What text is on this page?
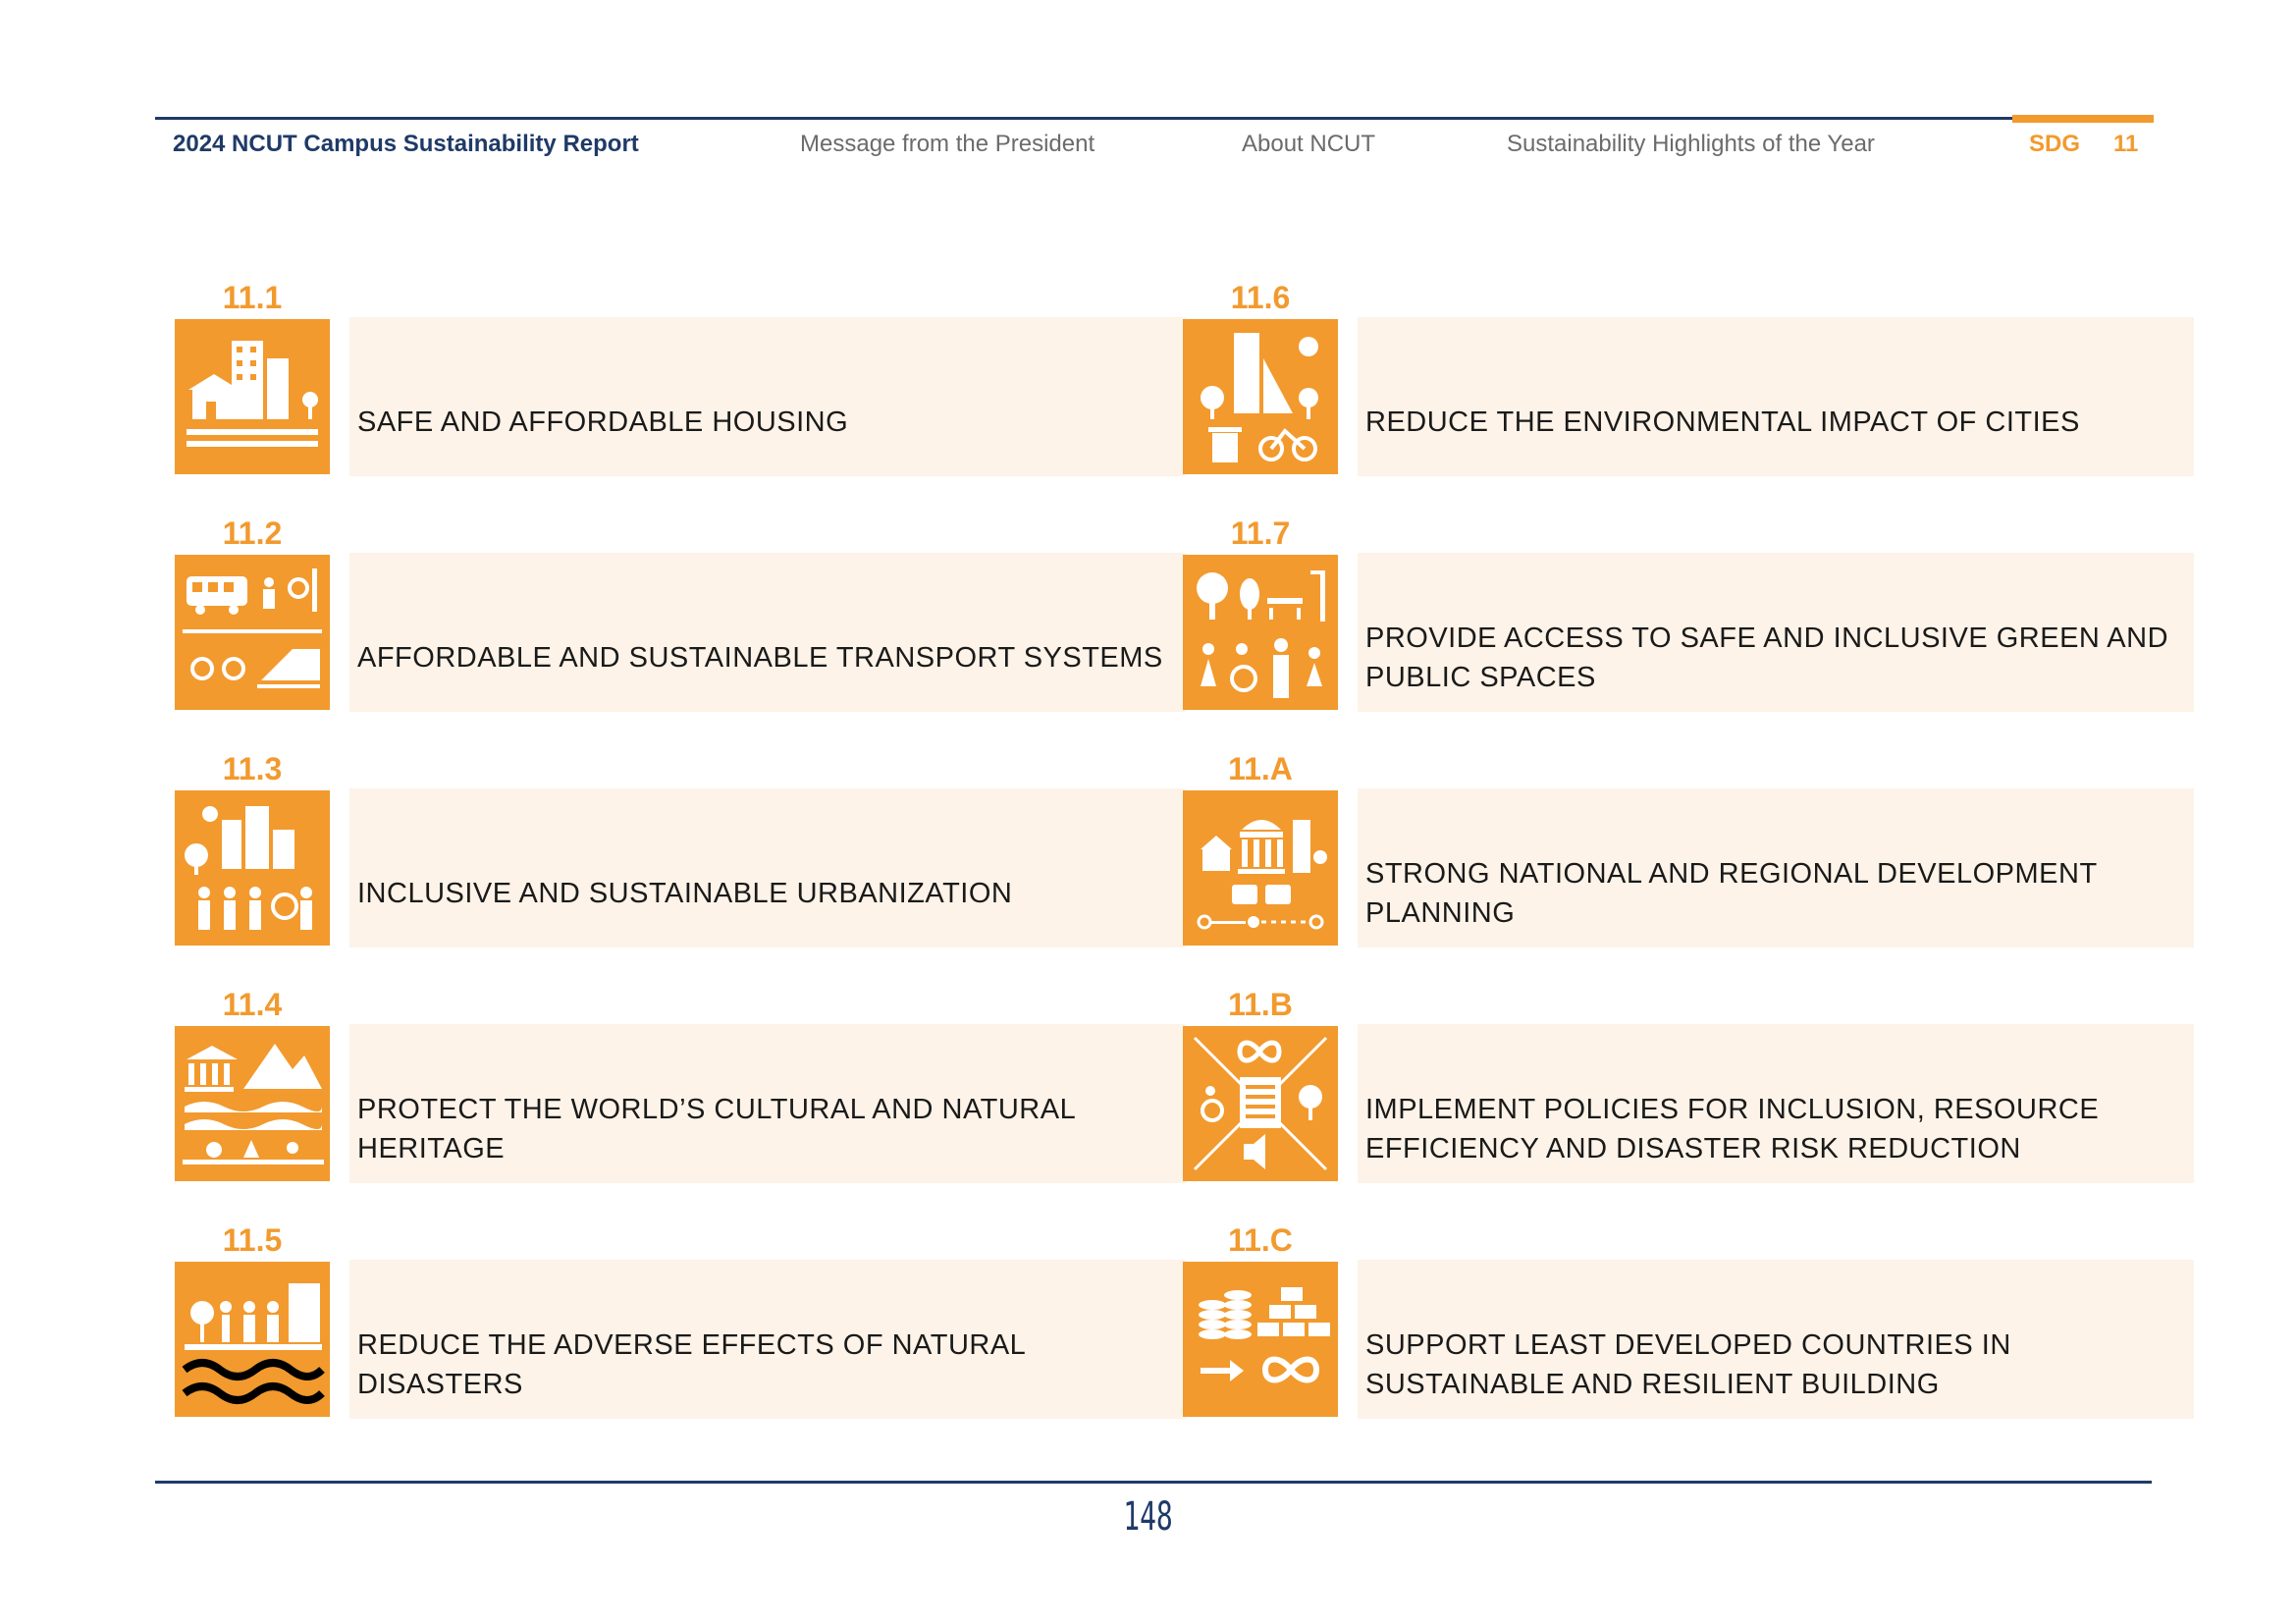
2024 NCUT Campus Sustainability Report	Message from the President	About NCUT	Sustainability Highlights of the Year	SDG 11
11.1
SAFE AND AFFORDABLE HOUSING
11.2
AFFORDABLE AND SUSTAINABLE TRANSPORT SYSTEMS
11.3
INCLUSIVE AND SUSTAINABLE URBANIZATION
11.4
PROTECT THE WORLD’S CULTURAL AND NATURAL HERITAGE
11.5
REDUCE THE ADVERSE EFFECTS OF NATURAL DISASTERS
11.6
REDUCE THE ENVIRONMENTAL IMPACT OF CITIES
11.7
PROVIDE ACCESS TO SAFE AND INCLUSIVE GREEN AND PUBLIC SPACES
11.A
STRONG NATIONAL AND REGIONAL DEVELOPMENT PLANNING
11.B
IMPLEMENT POLICIES FOR INCLUSION, RESOURCE EFFICIENCY AND DISASTER RISK REDUCTION
11.C
SUPPORT LEAST DEVELOPED COUNTRIES IN SUSTAINABLE AND RESILIENT BUILDING
148
